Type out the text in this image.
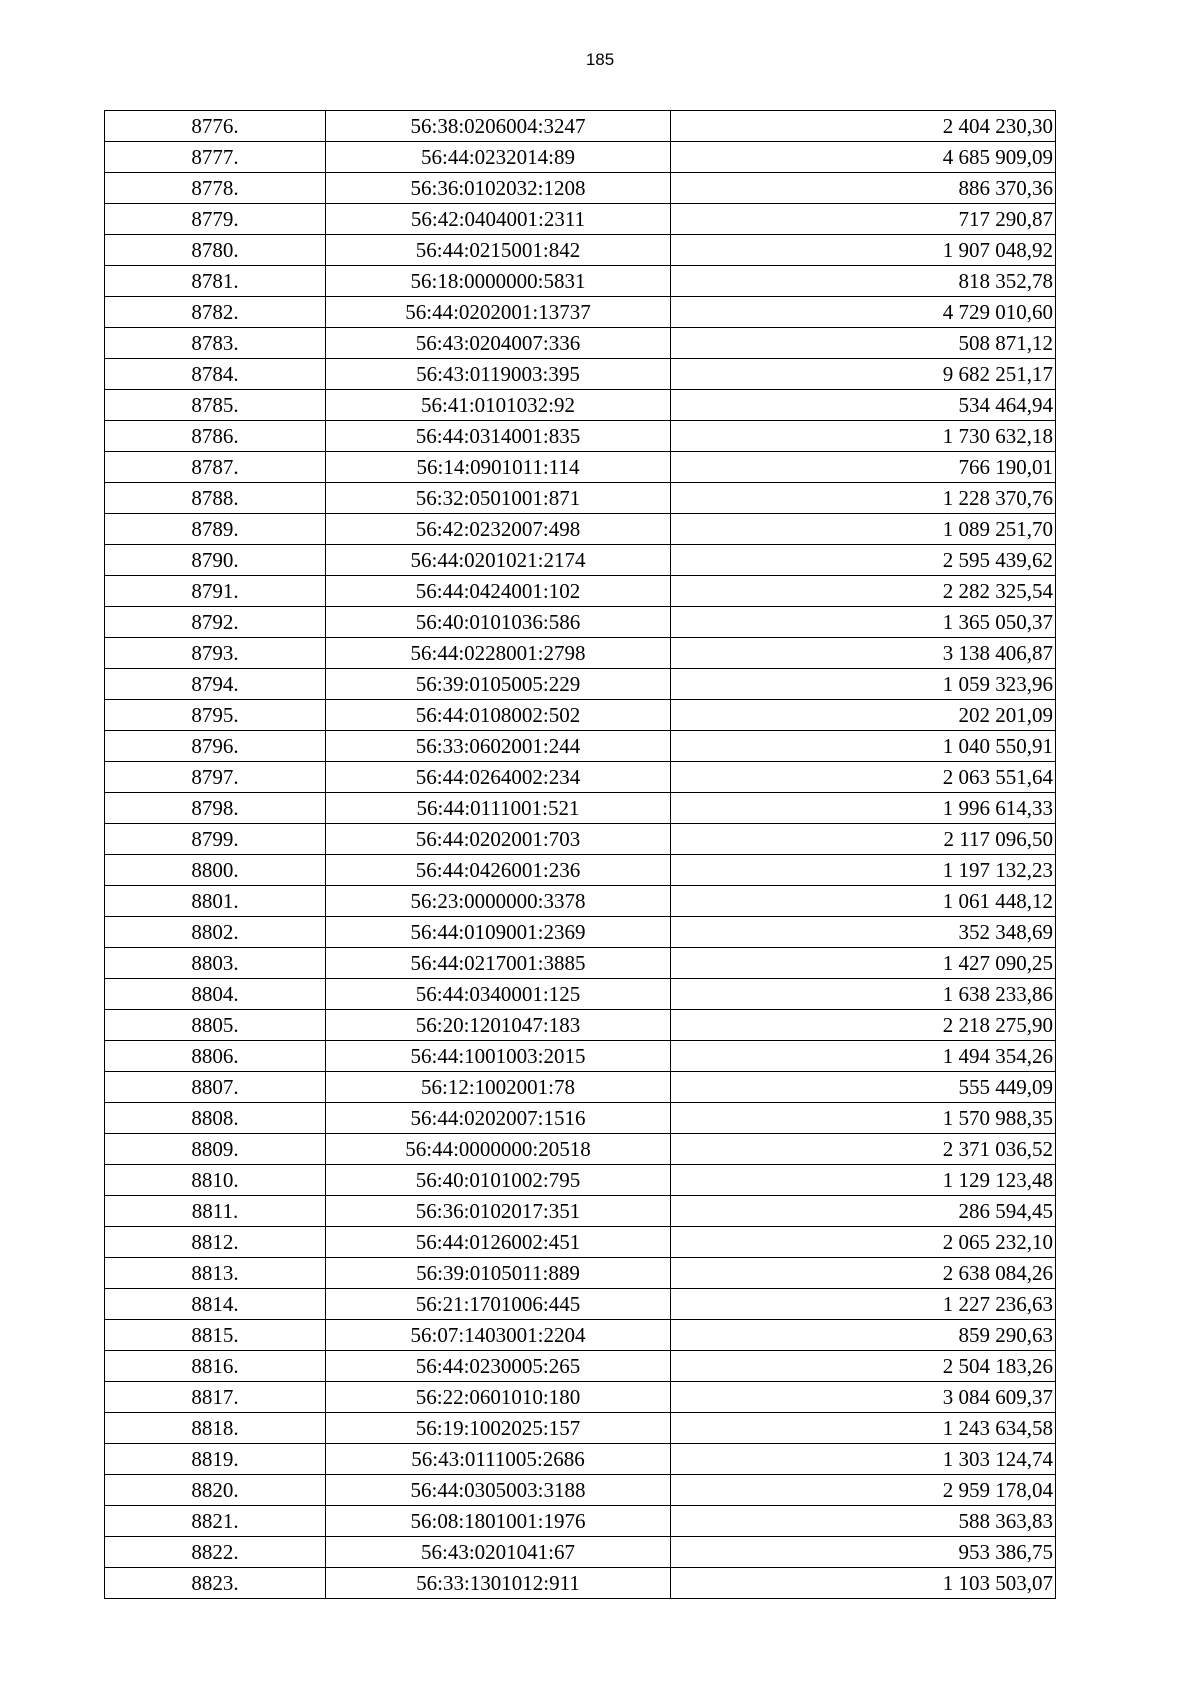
185
8776.	56:38:0206004:3247	2 404 230,30
8777.	56:44:0232014:89	4 685 909,09
8778.	56:36:0102032:1208	886 370,36
8779.	56:42:0404001:2311	717 290,87
8780.	56:44:0215001:842	1 907 048,92
8781.	56:18:0000000:5831	818 352,78
8782.	56:44:0202001:13737	4 729 010,60
8783.	56:43:0204007:336	508 871,12
8784.	56:43:0119003:395	9 682 251,17
8785.	56:41:0101032:92	534 464,94
8786.	56:44:0314001:835	1 730 632,18
8787.	56:14:0901011:114	766 190,01
8788.	56:32:0501001:871	1 228 370,76
8789.	56:42:0232007:498	1 089 251,70
8790.	56:44:0201021:2174	2 595 439,62
8791.	56:44:0424001:102	2 282 325,54
8792.	56:40:0101036:586	1 365 050,37
8793.	56:44:0228001:2798	3 138 406,87
8794.	56:39:0105005:229	1 059 323,96
8795.	56:44:0108002:502	202 201,09
8796.	56:33:0602001:244	1 040 550,91
8797.	56:44:0264002:234	2 063 551,64
8798.	56:44:0111001:521	1 996 614,33
8799.	56:44:0202001:703	2 117 096,50
8800.	56:44:0426001:236	1 197 132,23
8801.	56:23:0000000:3378	1 061 448,12
8802.	56:44:0109001:2369	352 348,69
8803.	56:44:0217001:3885	1 427 090,25
8804.	56:44:0340001:125	1 638 233,86
8805.	56:20:1201047:183	2 218 275,90
8806.	56:44:1001003:2015	1 494 354,26
8807.	56:12:1002001:78	555 449,09
8808.	56:44:0202007:1516	1 570 988,35
8809.	56:44:0000000:20518	2 371 036,52
8810.	56:40:0101002:795	1 129 123,48
8811.	56:36:0102017:351	286 594,45
8812.	56:44:0126002:451	2 065 232,10
8813.	56:39:0105011:889	2 638 084,26
8814.	56:21:1701006:445	1 227 236,63
8815.	56:07:1403001:2204	859 290,63
8816.	56:44:0230005:265	2 504 183,26
8817.	56:22:0601010:180	3 084 609,37
8818.	56:19:1002025:157	1 243 634,58
8819.	56:43:0111005:2686	1 303 124,74
8820.	56:44:0305003:3188	2 959 178,04
8821.	56:08:1801001:1976	588 363,83
8822.	56:43:0201041:67	953 386,75
8823.	56:33:1301012:911	1 103 503,07
